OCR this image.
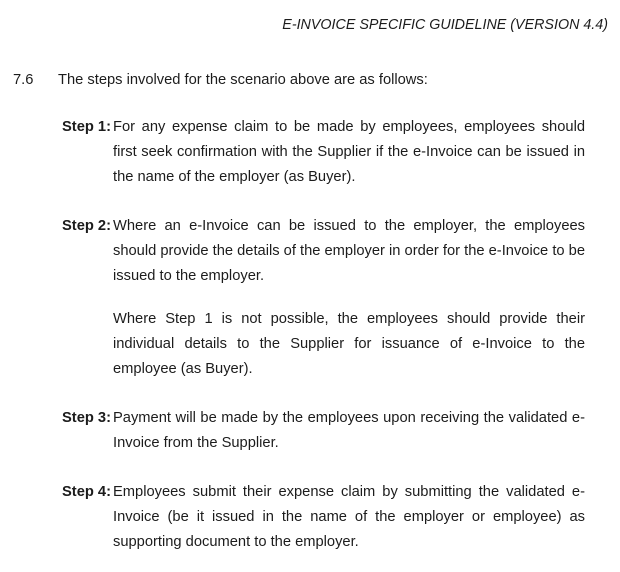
E-INVOICE SPECIFIC GUIDELINE (VERSION 4.4)
7.6	The steps involved for the scenario above are as follows:
Step 1: For any expense claim to be made by employees, employees should first seek confirmation with the Supplier if the e-Invoice can be issued in the name of the employer (as Buyer).

Step 2: Where an e-Invoice can be issued to the employer, the employees should provide the details of the employer in order for the e-Invoice to be issued to the employer.

Where Step 1 is not possible, the employees should provide their individual details to the Supplier for issuance of e-Invoice to the employee (as Buyer).

Step 3: Payment will be made by the employees upon receiving the validated e-Invoice from the Supplier.

Step 4: Employees submit their expense claim by submitting the validated e-Invoice (be it issued in the name of the employer or employee) as supporting document to the employer.
